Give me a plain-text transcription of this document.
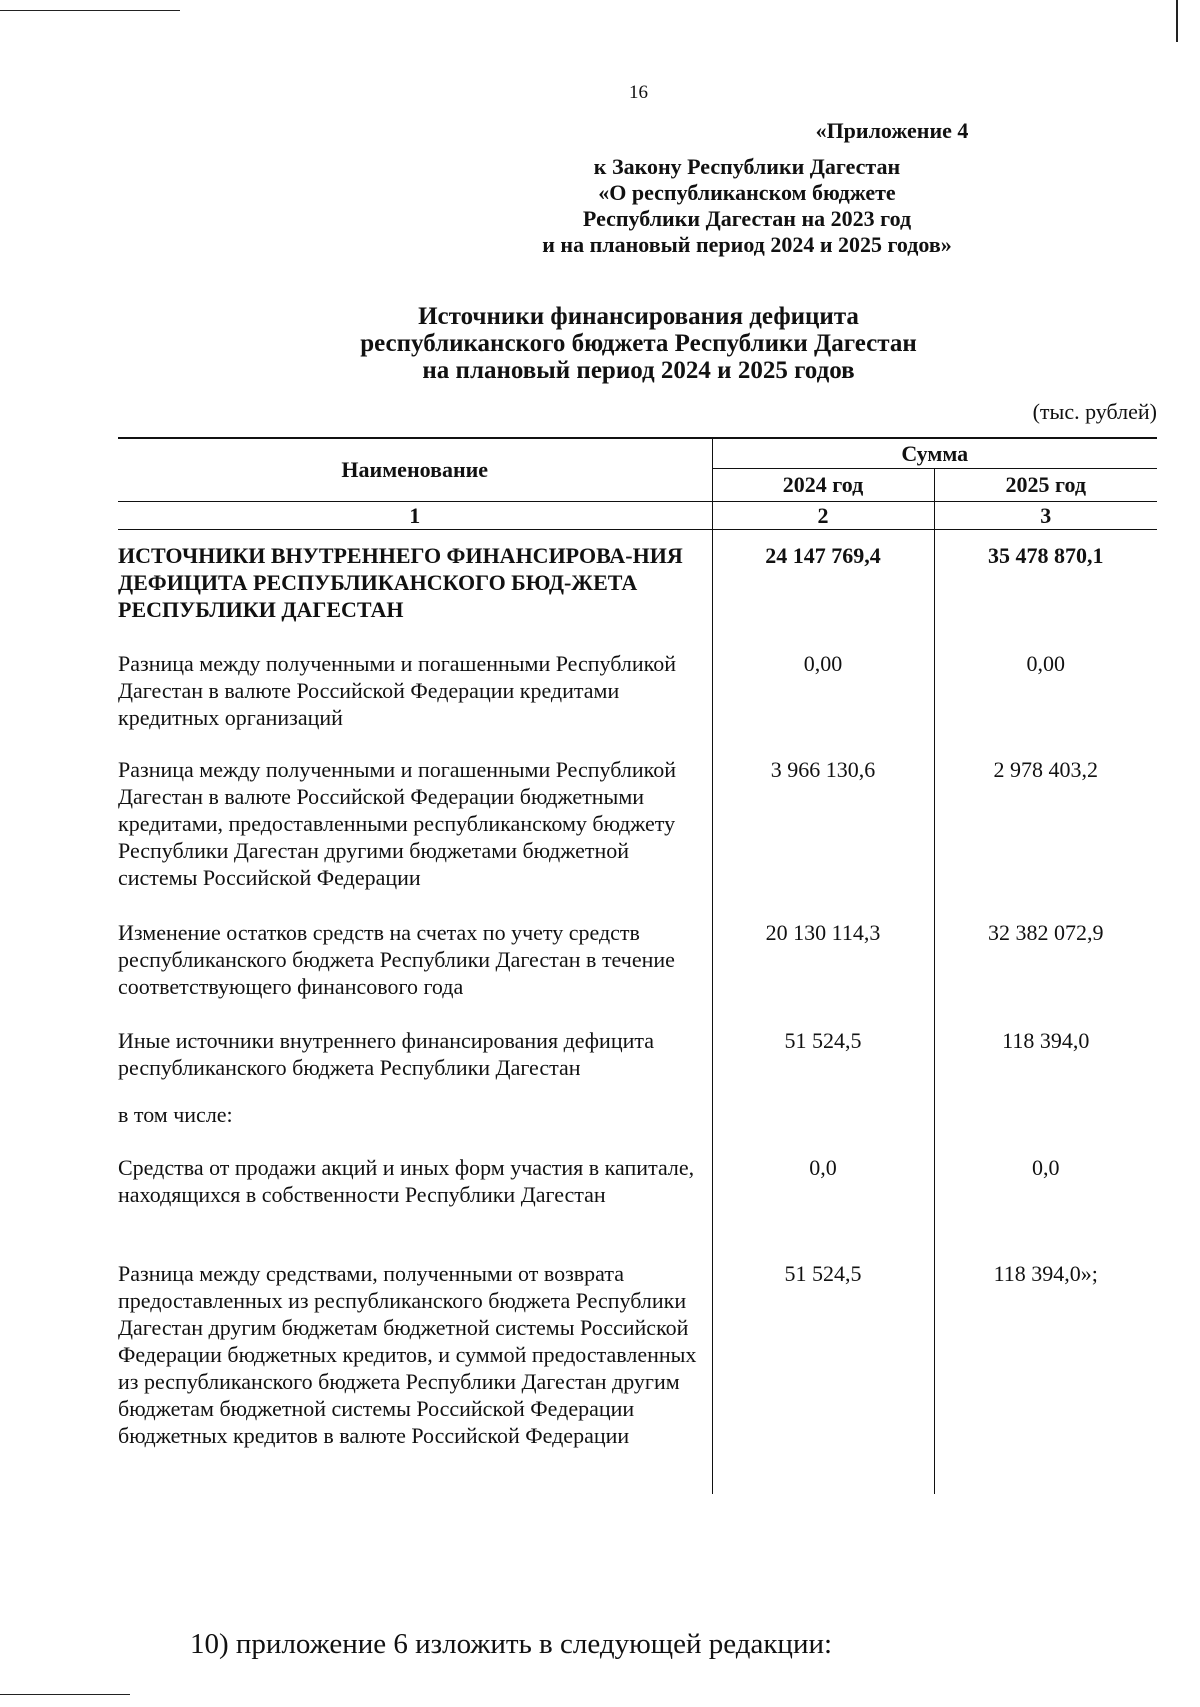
16
«Приложение 4
к Закону Республики Дагестан
«О республиканском бюджете
Республики Дагестан на 2023 год
и на плановый период 2024 и 2025 годов»
Источники финансирования дефицита
республиканского бюджета Республики Дагестан
на плановый период 2024 и 2025 годов
(тыс. рублей)
Наименование	Сумма	
	2024 год	2025 год
1	2	3
ИСТОЧНИКИ ВНУТРЕННЕГО ФИНАНСИРОВА-НИЯ ДЕФИЦИТА РЕСПУБЛИКАНСКОГО БЮД-ЖЕТА РЕСПУБЛИКИ ДАГЕСТАН	24 147 769,4	35 478 870,1
Разница между полученными и погашенными Республикой Дагестан в валюте Российской Федерации кредитами кредитных организаций	0,00	0,00
Разница между полученными и погашенными Республикой Дагестан в валюте Российской Федерации бюджетными кредитами, предоставленными республиканскому бюджету Республики Дагестан другими бюджетами бюджетной системы Российской Федерации	3 966 130,6	2 978 403,2
Изменение остатков средств на счетах по учету средств республиканского бюджета Республики Дагестан в течение соответствующего финансового года	20 130 114,3	32 382 072,9
Иные источники внутреннего финансирования дефицита республиканского бюджета Республики Дагестан	51 524,5	118 394,0
в том числе:		
Средства от продажи акций и иных форм участия в капитале, находящихся в собственности Республики Дагестан	0,0	0,0
Разница между средствами, полученными от возврата предоставленных из республиканского бюджета Республики Дагестан другим бюджетам бюджетной системы Российской Федерации бюджетных кредитов, и суммой предоставленных из республиканского бюджета Республики Дагестан другим бюджетам бюджетной системы Российской Федерации бюджетных кредитов в валюте Российской Федерации	51 524,5	118 394,0»;
10) приложение 6 изложить в следующей редакции:
